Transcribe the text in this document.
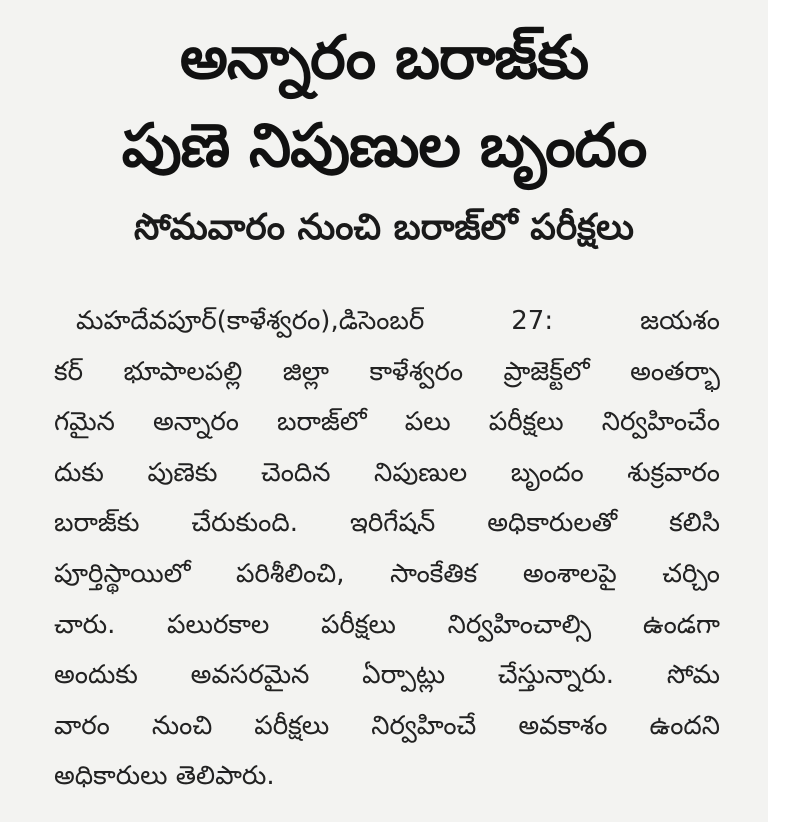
అన్నారం బరాజ్‌కు
పుణె నిపుణుల బృందం
సోమవారం నుంచి బరాజ్‌లో పరీక్షలు
మహదేవపూర్(కాళేశ్వరం),డిసెంబర్ 27: జయశం
కర్ భూపాలపల్లి జిల్లా కాళేశ్వరం ప్రాజెక్ట్‌లో అంతర్భా
గమైన అన్నారం బరాజ్‌లో పలు పరీక్షలు నిర్వహించేం
దుకు పుణెకు చెందిన నిపుణుల బృందం శుక్రవారం
బరాజ్‌కు చేరుకుంది. ఇరిగేషన్ అధికారులతో కలిసి
పూర్తిస్థాయిలో పరిశీలించి, సాంకేతిక అంశాలపై చర్చిం
చారు. పలురకాల పరీక్షలు నిర్వహించాల్సి ఉండగా
అందుకు అవసరమైన ఏర్పాట్లు చేస్తున్నారు. సోమ
వారం నుంచి పరీక్షలు నిర్వహించే అవకాశం ఉందని
అధికారులు తెలిపారు.
